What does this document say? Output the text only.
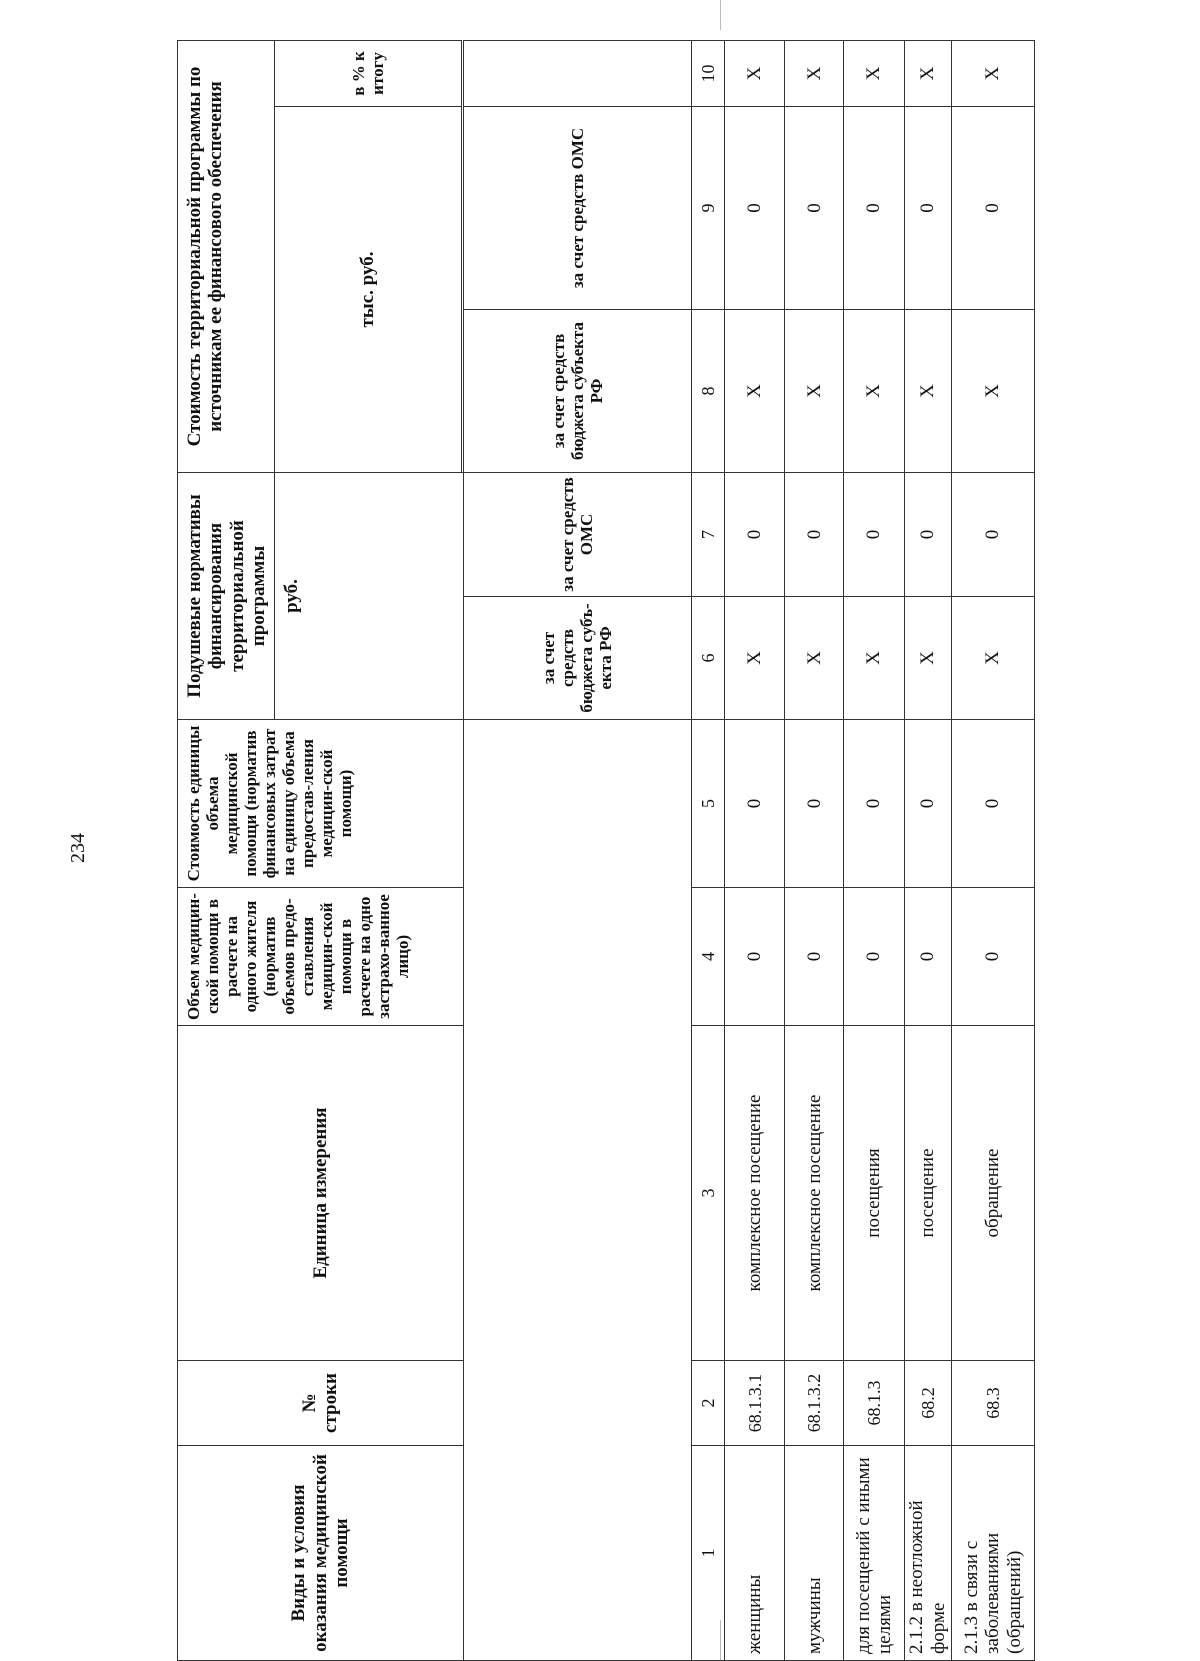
234
Виды и условия оказания медицинской помощи	№ строки	Единица измерения	Объем медицин-ской помощи в расчете на одного жителя (норматив объемов предо-ставления медицин-ской помощи в расчете на одно застрахо-ванное лицо)	Стоимость единицы объема медицинской помощи (норматив финансовых затрат на единицу объема предостав-ления медицин-ской помощи)	Подушевые нормативы финансирования территориальной программы		Стоимость территориальной программы по источникам ее финансового обеспечения		
					руб.		тыс. руб.		в % к итогу

					за счет средств бюджета субъ-екта РФ	за счет средств ОМС	за счет средств бюджета субъекта РФ	за счет средств ОМС	
1	2	3	4	5	6	7	8	9	10
женщины	68.1.3.1	комплексное посещение	0	0	Х	0	Х	0	Х
мужчины	68.1.3.2	комплексное посещение	0	0	Х	0	Х	0	Х
для посещений с иными целями	68.1.3	посещения	0	0	Х	0	Х	0	Х
2.1.2 в неотложной форме	68.2	посещение	0	0	Х	0	Х	0	Х
2.1.3 в связи с заболеваниями (обращений)	68.3	обращение	0	0	Х	0	Х	0	Х
